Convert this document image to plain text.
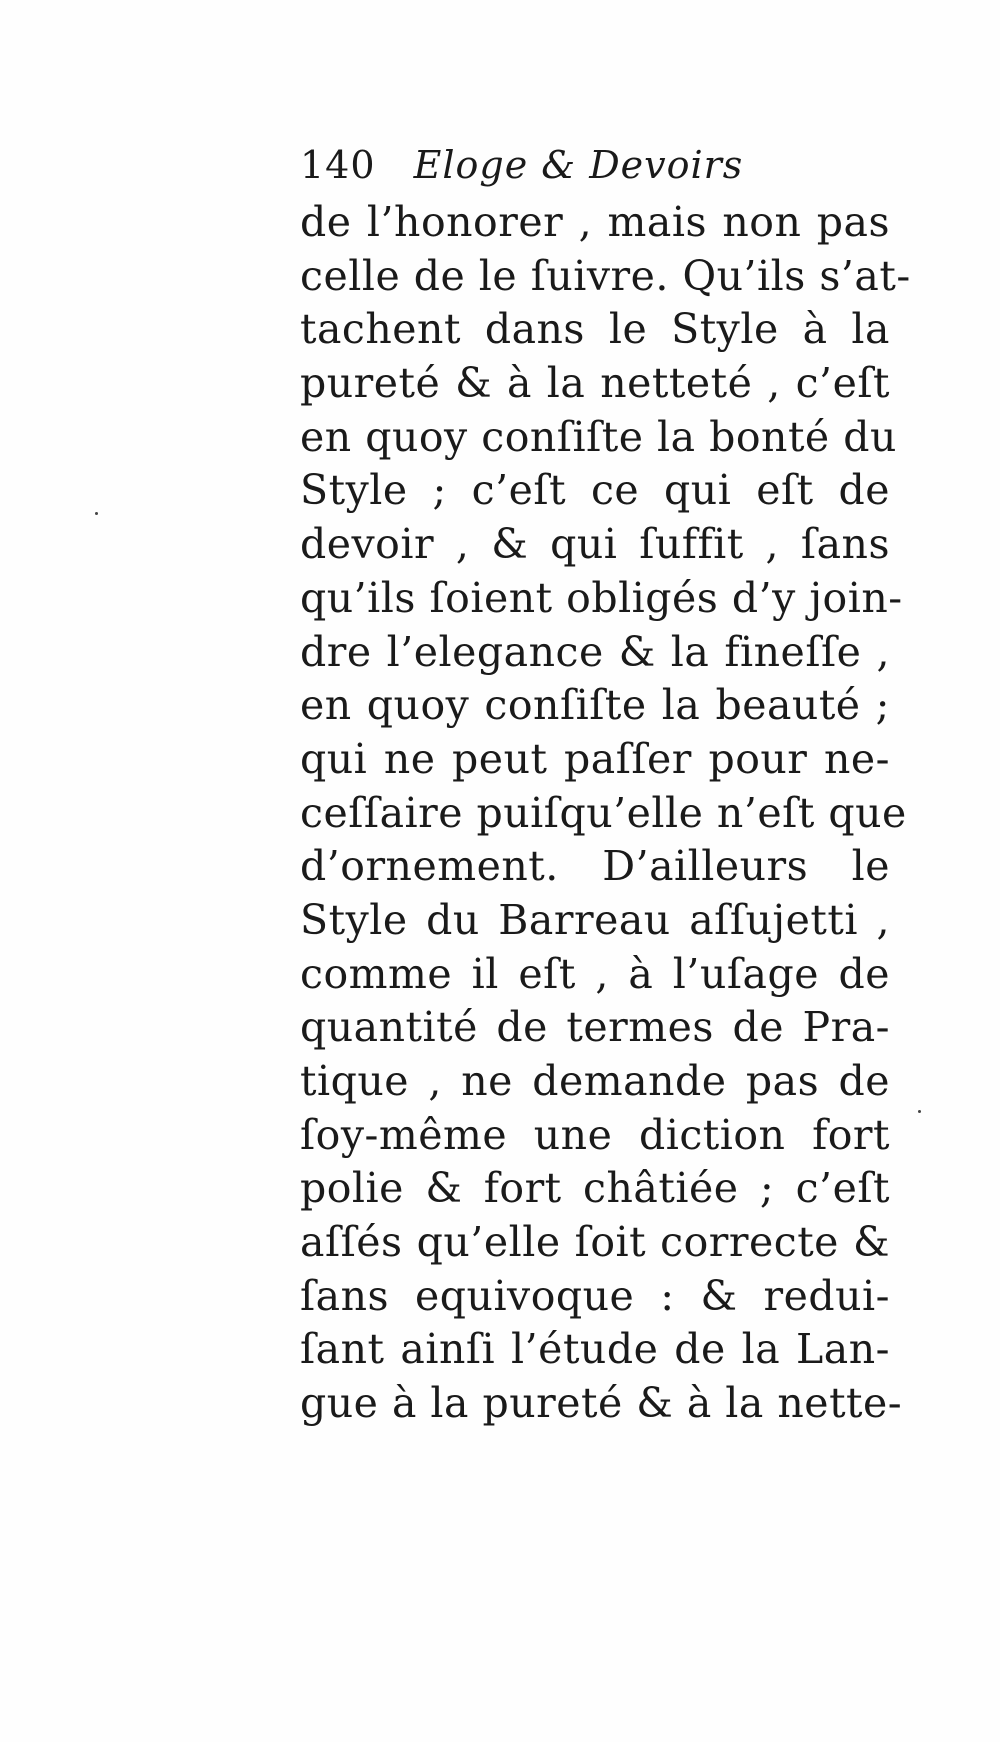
140 Eloge & Devoirs
de l’honorer , mais non pas
celle de le ſuivre. Qu’ils s’at-
tachent dans le Style à la
pureté & à la netteté , c’eſt
en quoy conſiſte la bonté du
Style ; c’eſt ce qui eſt de
devoir , & qui ſuffit , ſans
qu’ils ſoient obligés d’y join-
dre l’elegance & la fineſſe ,
en quoy conſiſte la beauté ;
qui ne peut paſſer pour ne-
ceſſaire puiſqu’elle n’eſt que
d’ornement. D’ailleurs le
Style du Barreau aſſujetti ,
comme il eſt , à l’uſage de
quantité de termes de Pra-
tique , ne demande pas de
ſoy-même une diction fort
polie & fort châtiée ; c’eſt
aſſés qu’elle ſoit correcte &
ſans equivoque : & redui-
ſant ainſi l’étude de la Lan-
gue à la pureté & à la nette-
